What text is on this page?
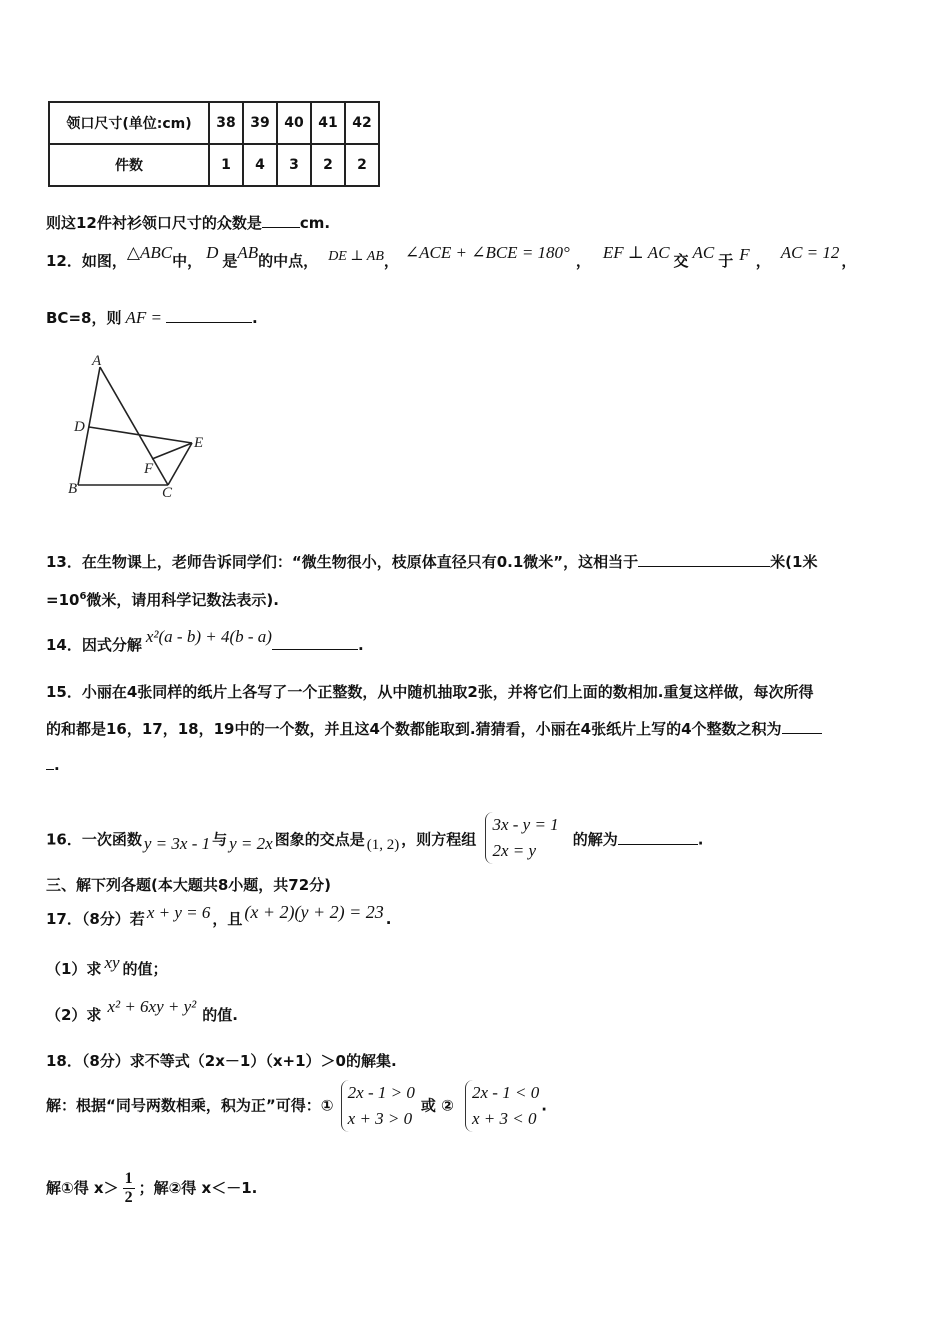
领口尺寸(单位:cm)	38	39	40	41	42
件数	1	4	3	2	2
则这12件衬衫领口尺寸的众数是	cm.
12．如图，△ABC中， D 是AB的中点， DE ⊥ AB， ∠ACE + ∠BCE = 180° ， EF ⊥ AC 交 AC 于 F ， AC = 12 ，
BC=8，则 AF =	.
A
D
E
F
B	C
13．在生物课上，老师告诉同学们：“微生物很小，枝原体直径只有0.1微米”，这相当于	米(1米
$=10^6$微米，请用科学记数法表示).
14．因式分解 x²(a - b) + 4(b - a)	.
15．小丽在4张同样的纸片上各写了一个正整数，从中随机抽取2张，并将它们上面的数相加.重复这样做，每次所得
的和都是16，17，18，19中的一个数，并且这4个数都能取到.猜猜看，小丽在4张纸片上写的4个整数之积为
.
16．一次函数 y = 3x - 1 与 y = 2x 图象的交点是 (1, 2) ，则方程组
3x - y = 1
2x = y
的解为	.
三、解下列各题(本大题共8小题，共72分)
17．（8分）若 x + y = 6 ，且 (x + 2)(y + 2) = 23 .
（1）求 xy 的值；
（2）求 x² + 6xy + y² 的值.
18．（8分）求不等式（2x－1）（x+1）＞0的解集.
解：根据“同号两数相乘，积为正”可得：①
2x - 1 > 0
x + 3 > 0
或 ②
2x - 1 < 0
x + 3 < 0
.
解①得 $x> \frac{1}{2}$ ；解②得 x＜－1.
